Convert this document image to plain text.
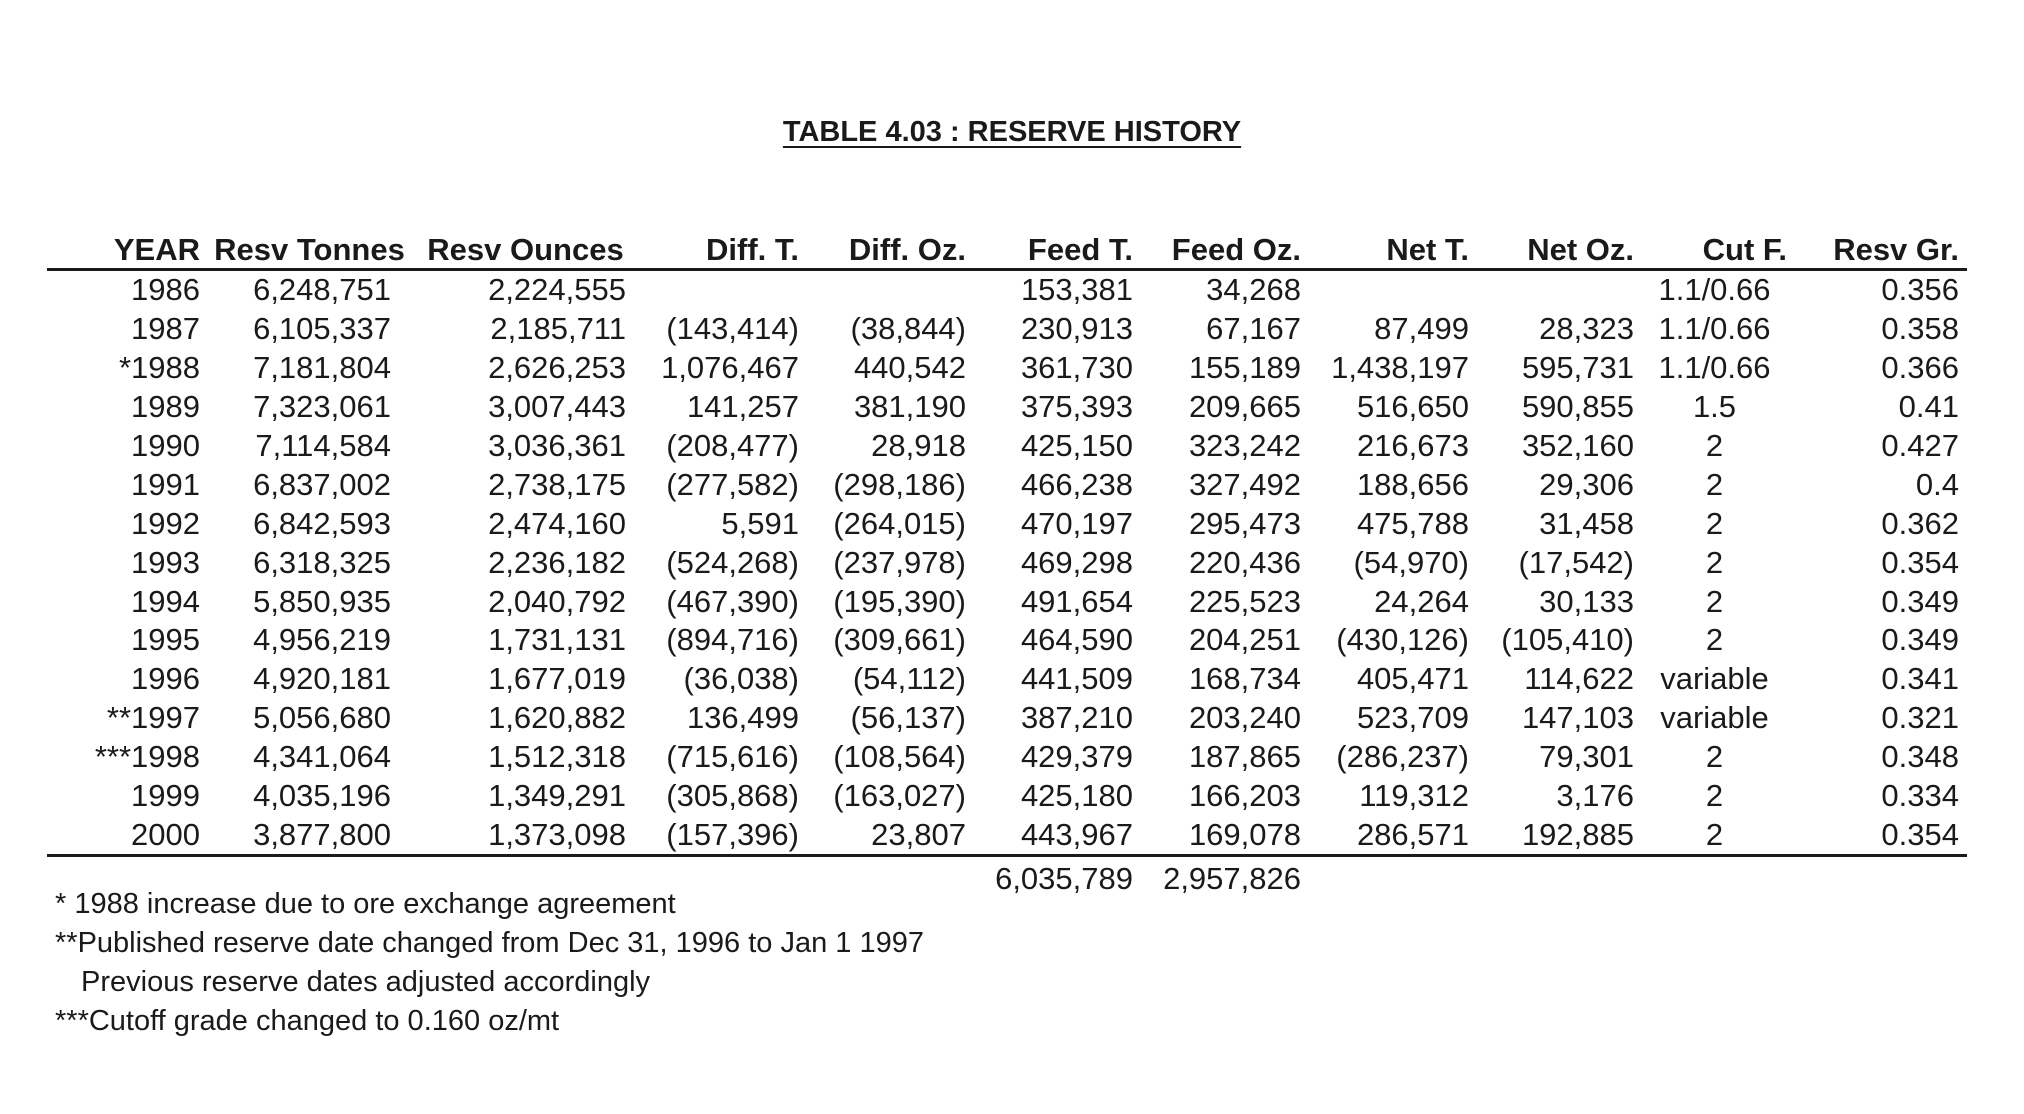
TABLE 4.03 : RESERVE HISTORY
YEAR	Resv Tonnes	Resv Ounces	Diff. T.	Diff. Oz.	Feed T.	Feed Oz.	Net T.	Net Oz.	Cut F.	Resv Gr.
1986	6,248,751	2,224,555			153,381	34,268			1.1/0.66	0.356
1987	6,105,337	2,185,711	(143,414)	(38,844)	230,913	67,167	87,499	28,323	1.1/0.66	0.358
*1988	7,181,804	2,626,253	1,076,467	440,542	361,730	155,189	1,438,197	595,731	1.1/0.66	0.366
1989	7,323,061	3,007,443	141,257	381,190	375,393	209,665	516,650	590,855	1.5	0.41
1990	7,114,584	3,036,361	(208,477)	28,918	425,150	323,242	216,673	352,160	2	0.427
1991	6,837,002	2,738,175	(277,582)	(298,186)	466,238	327,492	188,656	29,306	2	0.4
1992	6,842,593	2,474,160	5,591	(264,015)	470,197	295,473	475,788	31,458	2	0.362
1993	6,318,325	2,236,182	(524,268)	(237,978)	469,298	220,436	(54,970)	(17,542)	2	0.354
1994	5,850,935	2,040,792	(467,390)	(195,390)	491,654	225,523	24,264	30,133	2	0.349
1995	4,956,219	1,731,131	(894,716)	(309,661)	464,590	204,251	(430,126)	(105,410)	2	0.349
1996	4,920,181	1,677,019	(36,038)	(54,112)	441,509	168,734	405,471	114,622	variable	0.341
**1997	5,056,680	1,620,882	136,499	(56,137)	387,210	203,240	523,709	147,103	variable	0.321
***1998	4,341,064	1,512,318	(715,616)	(108,564)	429,379	187,865	(286,237)	79,301	2	0.348
1999	4,035,196	1,349,291	(305,868)	(163,027)	425,180	166,203	119,312	3,176	2	0.334
2000	3,877,800	1,373,098	(157,396)	23,807	443,967	169,078	286,571	192,885	2	0.354
					6,035,789	2,957,826				
* 1988 increase due to ore exchange agreement
**Published reserve date changed from Dec 31, 1996 to Jan 1 1997
Previous reserve dates adjusted accordingly
***Cutoff grade changed to 0.160 oz/mt
